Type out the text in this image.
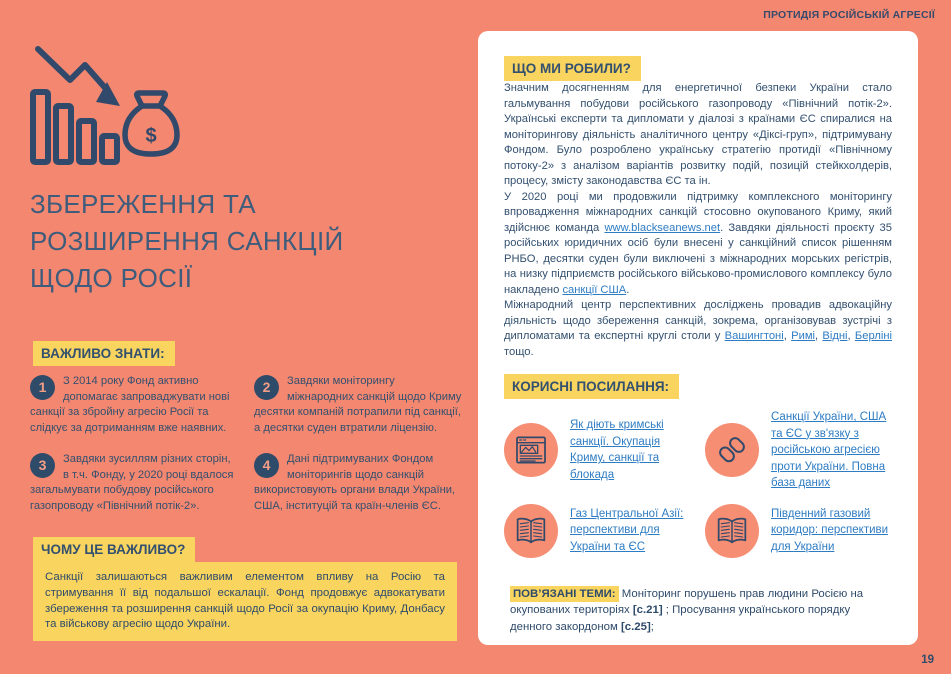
ПРОТИДІЯ РОСІЙСЬКІЙ АГРЕСІЇ
$
ЗБЕРЕЖЕННЯ ТА РОЗШИРЕННЯ САНКЦІЙ ЩОДО РОСІЇ
ВАЖЛИВО ЗНАТИ:
1	З 2014 року Фонд активно допомагає запроваджувати нові санкції за збройну агресію Росії та слідкує за дотриманням вже наявних.
2	Завдяки моніторингу міжнародних санкцій щодо Криму десятки компаній потрапили під санкції, а десятки суден втратили ліцензію.
3	Завдяки зусиллям різних сторін, в т.ч. Фонду, у 2020 році вдалося загальмувати побудову російського газопроводу «Північний потік-2».
4	Дані підтримуваних Фондом моніторингів щодо санкцій використовують органи влади України, США, інституцій та країн-членів ЄС.
ЧОМУ ЦЕ ВАЖЛИВО?
Санкції залишаються важливим елементом впливу на Росію та стримування її від подальшої ескалації. Фонд продовжує адвокатувати збереження та розширення санкцій щодо Росії за окупацію Криму, Донбасу та військову агресію щодо України.
ЩО МИ РОБИЛИ?

Значним досягненням для енергетичної безпеки України стало гальмування побудови російського газопроводу «Північний потік-2». Українські експерти та дипломати у діалозі з країнами ЄС спиралися на моніторингову діяльність аналітичного центру «Діксі-груп», підтримувану Фондом. Було розроблено українську стратегію протидії «Північному потоку-2» з аналізом варіантів розвитку подій, позицій стейкхолдерів, процесу, змісту законодавства ЄС та ін.

У 2020 році ми продовжили підтримку комплексного моніторингу впровадження міжнародних санкцій стосовно окупованого Криму, який здійснює команда www.blackseanews.net. Завдяки діяльності проєкту 35 російських юридичних осіб були внесені у санкційний список рішенням РНБО, десятки суден були виключені з міжнародних морських регістрів, на низку підприємств російського військово-промислового комплексу було накладено санкції США.

Міжнародний центр перспективних досліджень провадив адвокаційну діяльність щодо збереження санкцій, зокрема, організовував зустрічі з дипломатами та експертні круглі столи у Вашингтоні, Римі, Відні, Берліні тощо.

КОРИСНІ ПОСИЛАННЯ:
Як діють кримські санкції. Окупація Криму, санкції та блокада
Санкції України, США та ЄС у зв'язку з російською агресією проти України. Повна база даних
Газ Центральної Азії: перспективи для України та ЄС
Південний газовий коридор: перспективи для України
ПОВ’ЯЗАНІ ТЕМИ: Моніторинг порушень прав людини Росією на окупованих територіях [c.21] ; Просування українського порядку денного закордоном [c.25];
19
